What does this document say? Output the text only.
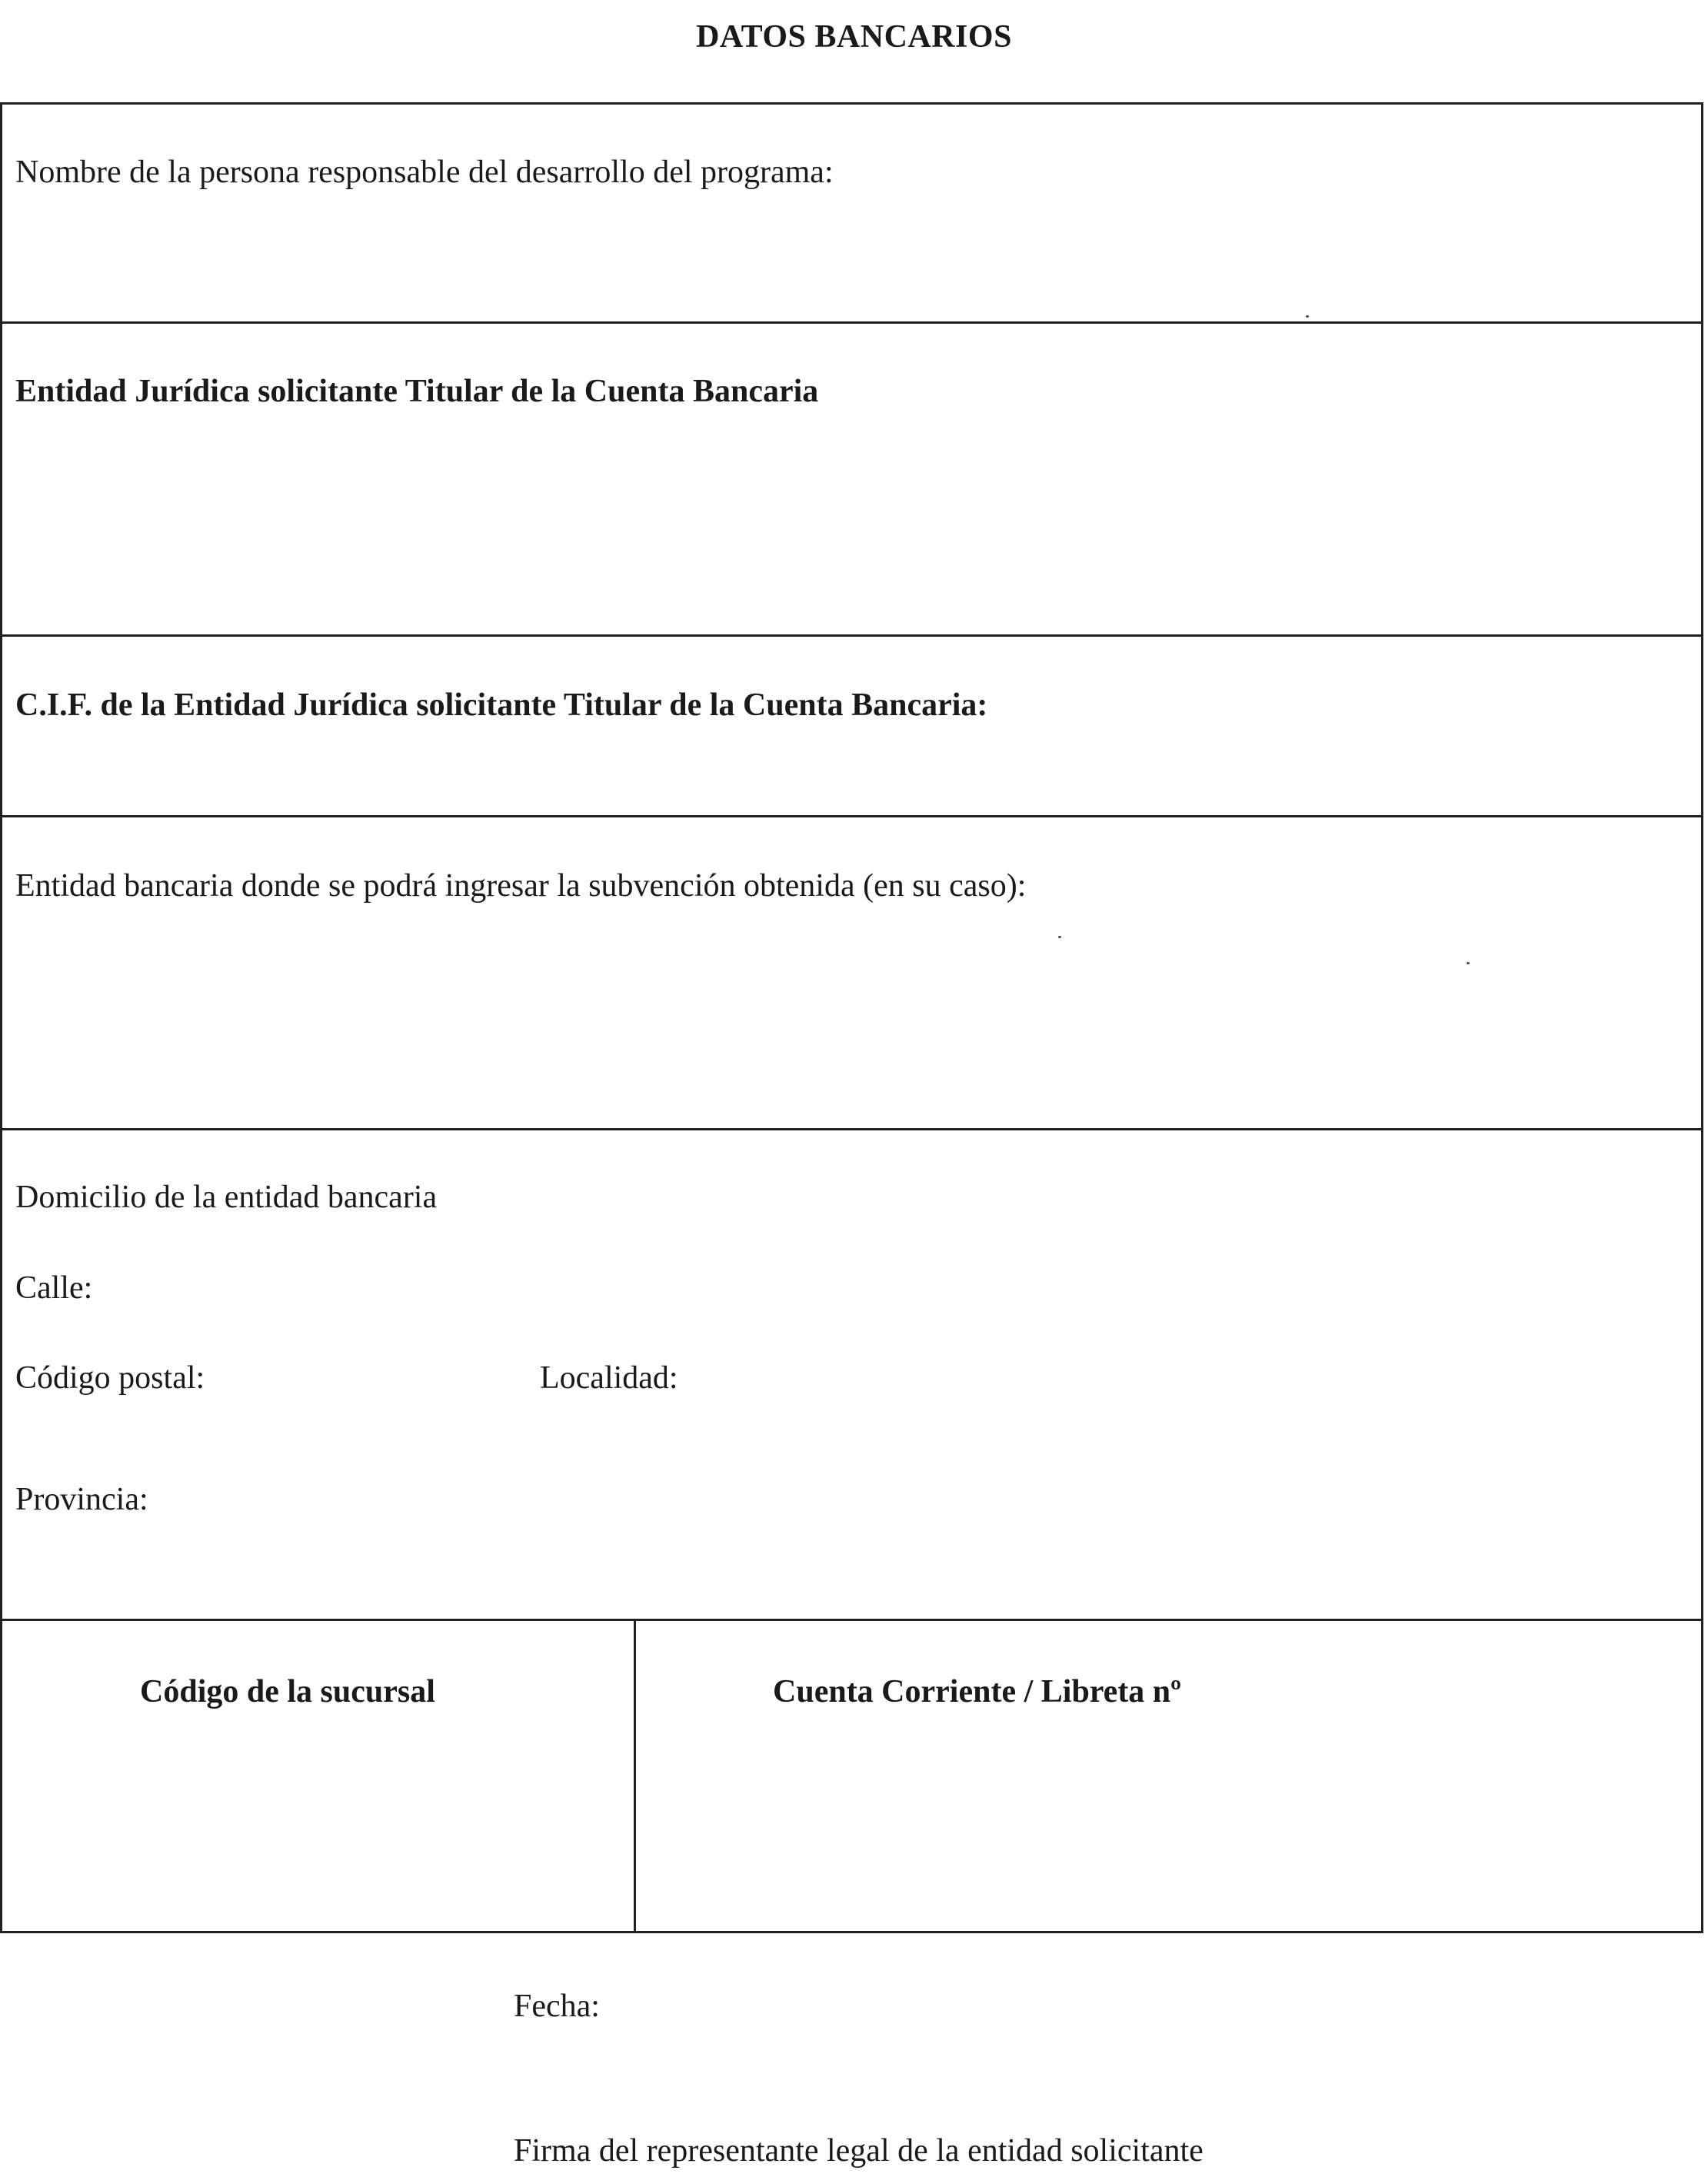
DATOS BANCARIOS
Nombre de la persona responsable del desarrollo del programa:
Entidad Jurídica solicitante Titular de la Cuenta Bancaria
C.I.F. de la Entidad Jurídica solicitante Titular de la Cuenta Bancaria:
Entidad bancaria donde se podrá ingresar la subvención obtenida (en su caso):
Domicilio de la entidad bancaria
Calle:
Código postal:	Localidad:
Provincia:
Código de la sucursal	Cuenta Corriente / Libreta nº
Fecha:
Firma del representante legal de la entidad solicitante
